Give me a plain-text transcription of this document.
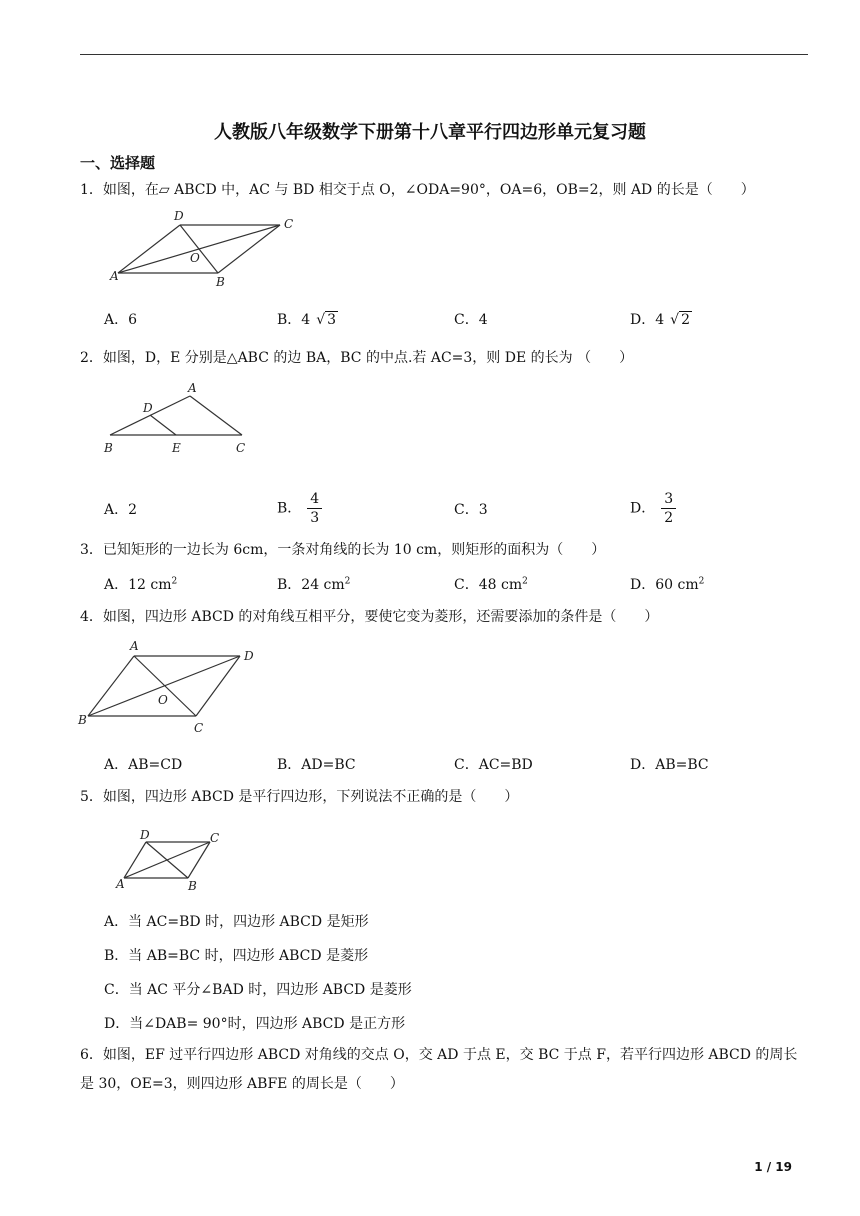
人教版八年级数学下册第十八章平行四边形单元复习题
一、选择题
1．如图，在▱ ABCD 中，AC 与 BD 相交于点 O，∠ODA=90°，OA=6，OB=2，则 AD 的长是（　　）
A
D
C
B
O
A．6	B．4 √ 3	C．4	D．4 √ 2
2．如图，D，E 分别是△ABC 的边 BA，BC 的中点.若 AC=3，则 DE 的长为 （　　）
A
D
B	E	C
A．2	B． $\frac{4}{3}$	C．3	D． $\frac{3}{2}$
3．已知矩形的一边长为 6cm，一条对角线的长为 10 cm，则矩形的面积为（　　）
A．12 $cm^2$	B．24 $cm^2$	C．48 $cm^2$	D．60 $cm^2$
4．如图，四边形 ABCD 的对角线互相平分，要使它变为菱形，还需要添加的条件是（　　）
A
D
B
C
O
A．AB=CD	B．AD=BC	C．AC=BD	D．AB=BC
5．如图，四边形 ABCD 是平行四边形，下列说法不正确的是（　　）
D	C
A	B
A．当 AC=BD 时，四边形 ABCD 是矩形
B．当 AB=BC 时，四边形 ABCD 是菱形
C．当 AC 平分∠BAD 时，四边形 ABCD 是菱形
D．当∠DAB= 90°时，四边形 ABCD 是正方形
6．如图，EF 过平行四边形 ABCD 对角线的交点 O，交 AD 于点 E，交 BC 于点 F，若平行四边形 ABCD 的周长是 30，OE=3，则四边形 ABFE 的周长是（　　）
1 / 19
